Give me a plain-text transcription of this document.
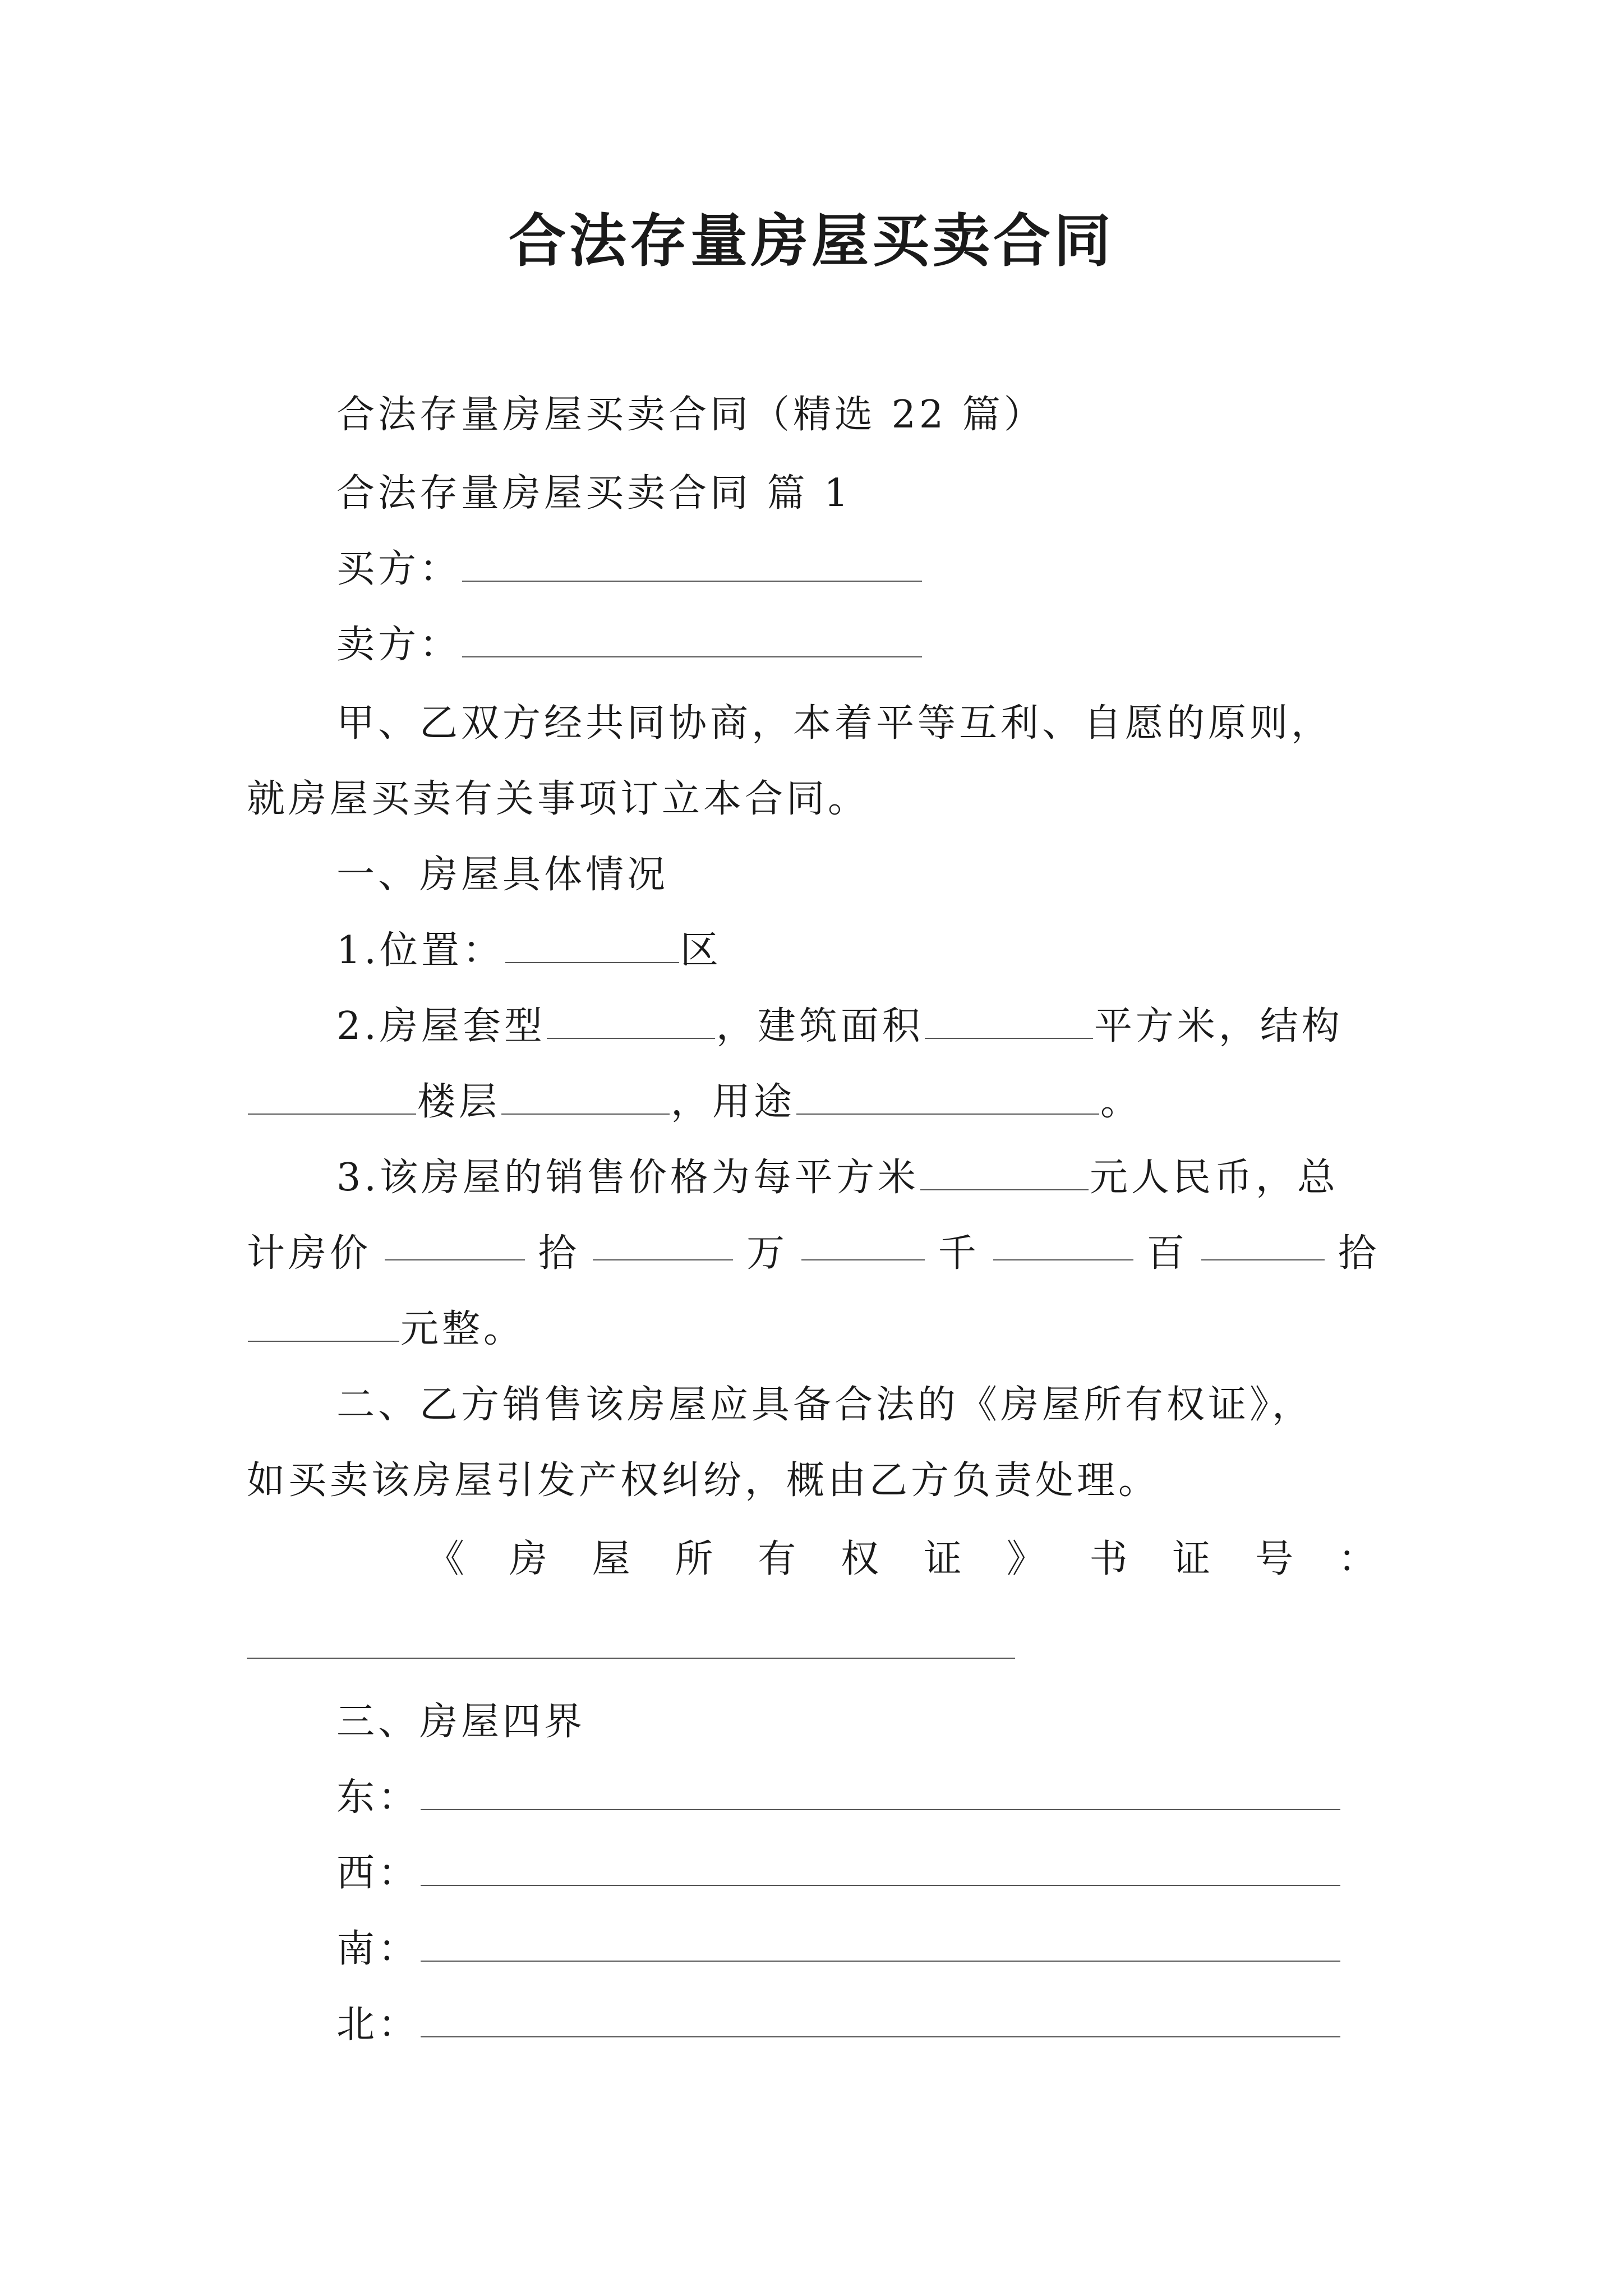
合法存量房屋买卖合同
合法存量房屋买卖合同（精选 22 篇）
合法存量房屋买卖合同 篇 1
买方：
卖方：
甲、乙双方经共同协商，本着平等互利、自愿的原则，
就房屋买卖有关事项订立本合同。
一、房屋具体情况
1.位置：	区
2.房屋套型	，建筑面积	平方米，结构
楼层	，用途	。
3.该房屋的销售价格为每平方米	元人民币，总
计房价	拾	万	千	百	拾
元整。
二、乙方销售该房屋应具备合法的《房屋所有权证》，
如买卖该房屋引发产权纠纷，概由乙方负责处理。
《 房 屋 所 有 权 证 》 书 证 号 ：
三、房屋四界
东：
西：
南：
北：
